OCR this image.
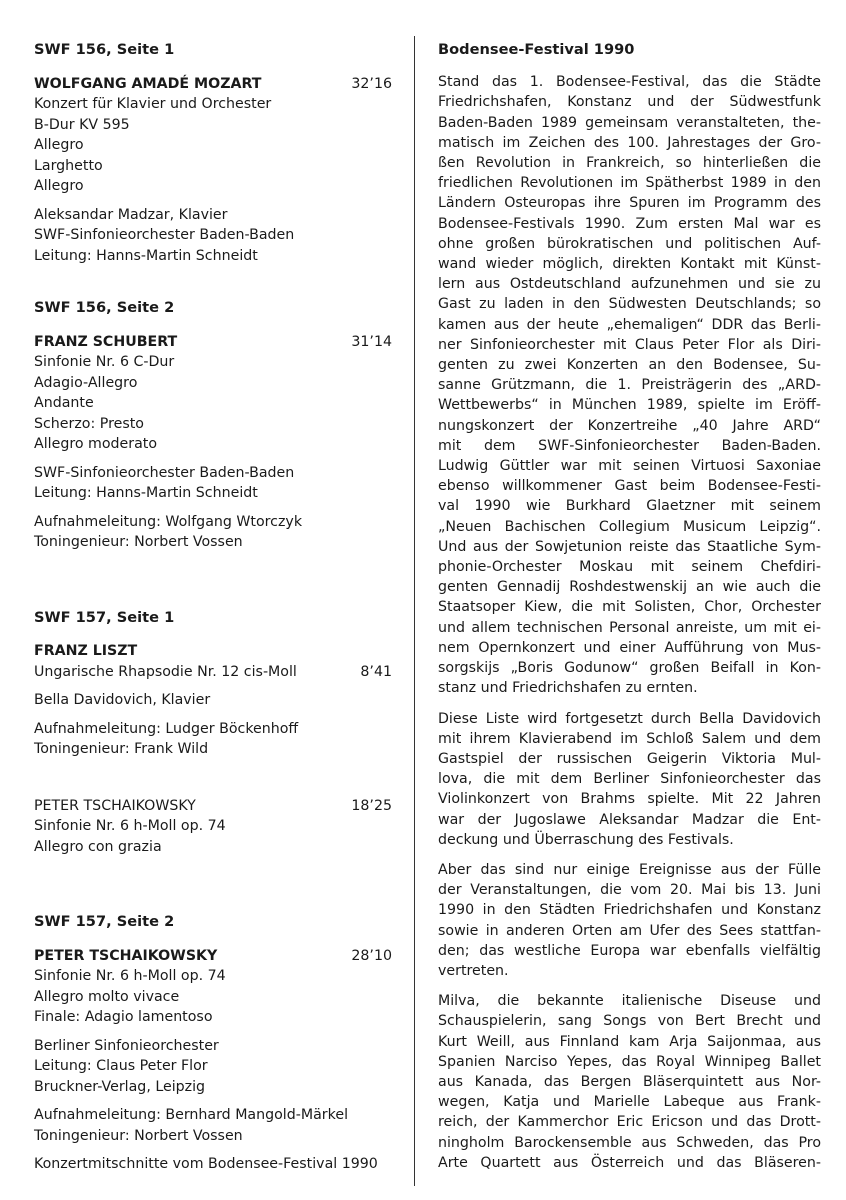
SWF 156, Seite 1
WOLFGANG AMADÉ MOZART	32’16
Konzert für Klavier und Orchester
B-Dur KV 595
Allegro
Larghetto
Allegro
Aleksandar Madzar, Klavier
SWF-Sinfonieorchester Baden-Baden
Leitung: Hanns-Martin Schneidt
SWF 156, Seite 2
FRANZ SCHUBERT	31’14
Sinfonie Nr. 6 C-Dur
Adagio-Allegro
Andante
Scherzo: Presto
Allegro moderato
SWF-Sinfonieorchester Baden-Baden
Leitung: Hanns-Martin Schneidt
Aufnahmeleitung: Wolfgang Wtorczyk
Toningenieur: Norbert Vossen
SWF 157, Seite 1
FRANZ LISZT
Ungarische Rhapsodie Nr. 12 cis-Moll	8’41
Bella Davidovich, Klavier
Aufnahmeleitung: Ludger Böckenhoff
Toningenieur: Frank Wild
PETER TSCHAIKOWSKY	18’25
Sinfonie Nr. 6 h-Moll op. 74
Allegro con grazia
SWF 157, Seite 2
PETER TSCHAIKOWSKY	28’10
Sinfonie Nr. 6 h-Moll op. 74
Allegro molto vivace
Finale: Adagio lamentoso
Berliner Sinfonieorchester
Leitung: Claus Peter Flor
Bruckner-Verlag, Leipzig
Aufnahmeleitung: Bernhard Mangold-Märkel
Toningenieur: Norbert Vossen
Konzertmitschnitte vom Bodensee-Festival 1990
Bodensee-Festival 1990
Stand das 1. Bodensee-Festival, das die Städte
Friedrichshafen, Konstanz und der Südwestfunk
Baden-Baden 1989 gemeinsam veranstalteten, the-
matisch im Zeichen des 100. Jahrestages der Gro-
ßen Revolution in Frankreich, so hinterließen die
friedlichen Revolutionen im Spätherbst 1989 in den
Ländern Osteuropas ihre Spuren im Programm des
Bodensee-Festivals 1990. Zum ersten Mal war es
ohne großen bürokratischen und politischen Auf-
wand wieder möglich, direkten Kontakt mit Künst-
lern aus Ostdeutschland aufzunehmen und sie zu
Gast zu laden in den Südwesten Deutschlands; so
kamen aus der heute „ehemaligen“ DDR das Berli-
ner Sinfonieorchester mit Claus Peter Flor als Diri-
genten zu zwei Konzerten an den Bodensee, Su-
sanne Grützmann, die 1. Preisträgerin des „ARD-
Wettbewerbs“ in München 1989, spielte im Eröff-
nungskonzert der Konzertreihe „40 Jahre ARD“
mit dem SWF-Sinfonieorchester Baden-Baden.
Ludwig Güttler war mit seinen Virtuosi Saxoniae
ebenso willkommener Gast beim Bodensee-Festi-
val 1990 wie Burkhard Glaetzner mit seinem
„Neuen Bachischen Collegium Musicum Leipzig“.
Und aus der Sowjetunion reiste das Staatliche Sym-
phonie-Orchester Moskau mit seinem Chefdiri-
genten Gennadij Roshdestwenskij an wie auch die
Staatsoper Kiew, die mit Solisten, Chor, Orchester
und allem technischen Personal anreiste, um mit ei-
nem Opernkonzert und einer Aufführung von Mus-
sorgskijs „Boris Godunow“ großen Beifall in Kon-
stanz und Friedrichshafen zu ernten.
Diese Liste wird fortgesetzt durch Bella Davidovich
mit ihrem Klavierabend im Schloß Salem und dem
Gastspiel der russischen Geigerin Viktoria Mul-
lova, die mit dem Berliner Sinfonieorchester das
Violinkonzert von Brahms spielte. Mit 22 Jahren
war der Jugoslawe Aleksandar Madzar die Ent-
deckung und Überraschung des Festivals.
Aber das sind nur einige Ereignisse aus der Fülle
der Veranstaltungen, die vom 20. Mai bis 13. Juni
1990 in den Städten Friedrichshafen und Konstanz
sowie in anderen Orten am Ufer des Sees stattfan-
den; das westliche Europa war ebenfalls vielfältig
vertreten.
Milva, die bekannte italienische Diseuse und
Schauspielerin, sang Songs von Bert Brecht und
Kurt Weill, aus Finnland kam Arja Saijonmaa, aus
Spanien Narciso Yepes, das Royal Winnipeg Ballet
aus Kanada, das Bergen Bläserquintett aus Nor-
wegen, Katja und Marielle Labeque aus Frank-
reich, der Kammerchor Eric Ericson und das Drott-
ningholm Barockensemble aus Schweden, das Pro
Arte Quartett aus Österreich und das Bläseren-
